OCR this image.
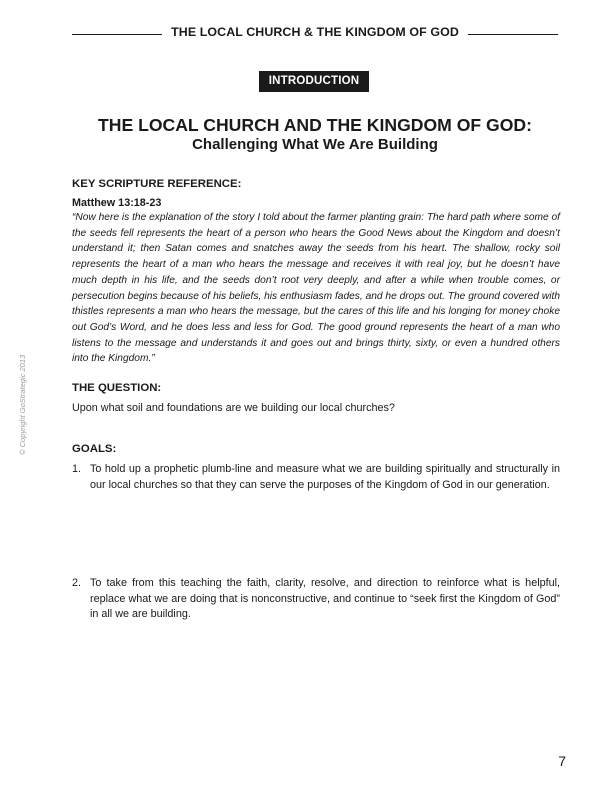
THE LOCAL CHURCH & THE KINGDOM OF GOD
INTRODUCTION
THE LOCAL CHURCH AND THE KINGDOM OF GOD:
Challenging What We Are Building
KEY SCRIPTURE REFERENCE:
Matthew 13:18-23

“Now here is the explanation of the story I told about the farmer planting grain: The hard path where some of the seeds fell represents the heart of a person who hears the Good News about the Kingdom and doesn’t understand it; then Satan comes and snatches away the seeds from his heart. The shallow, rocky soil represents the heart of a man who hears the message and receives it with real joy, but he doesn’t have much depth in his life, and the seeds don’t root very deeply, and after a while when trouble comes, or persecution begins because of his beliefs, his enthusiasm fades, and he drops out. The ground covered with thistles represents a man who hears the message, but the cares of this life and his longing for money choke out God’s Word, and he does less and less for God. The good ground represents the heart of a man who listens to the message and understands it and goes out and brings thirty, sixty, or even a hundred others into the Kingdom.”

THE QUESTION:
Upon what soil and foundations are we building our local churches?
GOALS:
1. To hold up a prophetic plumb-line and measure what we are building spiritually and structurally in our local churches so that they can serve the purposes of the Kingdom of God in our generation.
2. To take from this teaching the faith, clarity, resolve, and direction to reinforce what is helpful, replace what we are doing that is nonconstructive, and continue to “seek first the Kingdom of God” in all we are building.
© Copyright GoStrategic 2013
7
